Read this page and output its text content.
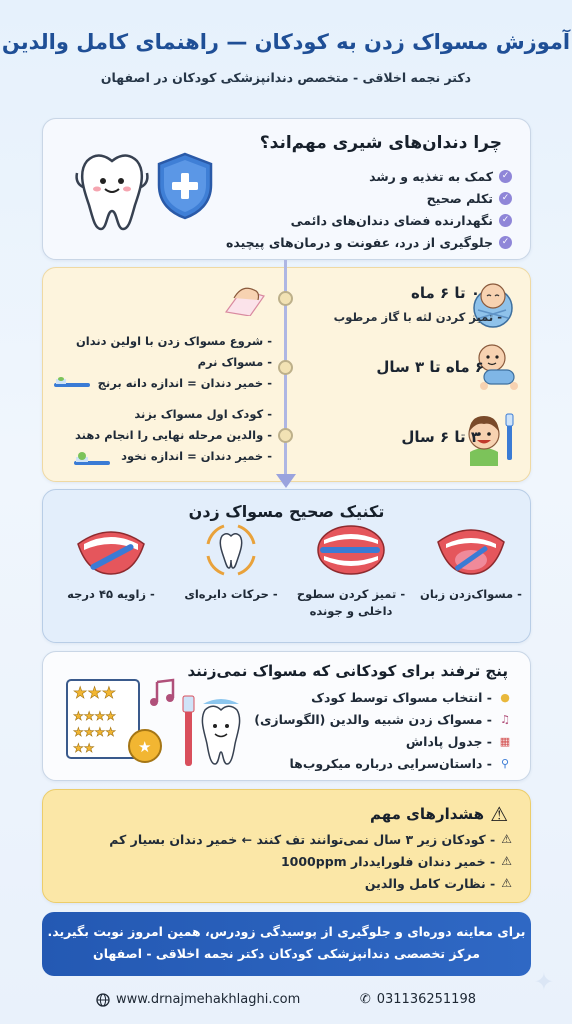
آموزش مسواک زدن به کودکان — راهنمای کامل والدین
دکتر نجمه اخلاقی - متخصص دندانپزشکی کودکان در اصفهان
چرا دندان‌های شیری مهم‌اند؟
✓
کمک به تغذیه و رشد
✓
تکلم صحیح
✓
نگهدارنده فضای دندان‌های دائمی
✓
جلوگیری از درد، عفونت و درمان‌های پیچیده
۰ تا ۶ ماه
- تمیز کردن لثه با گاز مرطوب
۶ ماه تا ۳ سال
۳ تا ۶ سال
- شروع مسواک زدن با اولین دندان
- مسواک نرم
- خمیر دندان = اندازه دانه برنج
- کودک اول مسواک بزند
- والدین مرحله نهایی را انجام دهند
- خمیر دندان = اندازه نخود
تکنیک صحیح مسواک زدن
- مسواک‌زدن زبان
- تمیز کردن سطوح داخلی و جونده
- حرکات دایره‌ای
- زاویه ۴۵ درجه
پنج ترفند برای کودکانی که مسواک نمی‌زنند
●
- انتخاب مسواک توسط کودک
♫
- مسواک زدن شبیه والدین (الگوسازی)
▦
- جدول پاداش
⚲
- داستان‌سرایی درباره میکروب‌ها
★★★
★★★★
★★★★
★★	★
⚠
هشدارهای مهم
⚠
- کودکان زیر ۳ سال نمی‌توانند تف کنند ← خمیر دندان بسیار کم
⚠
- خمیر دندان فلورایددار 1000ppm
⚠
- نظارت کامل والدین
برای معاینه دوره‌ای و جلوگیری از پوسیدگی زودرس، همین امروز نوبت بگیرید.
مرکز تخصصی دندانپزشکی کودکان دکتر نجمه اخلاقی - اصفهان
www.drnajmehakhlaghi.com	✆ 031136251198
✦
